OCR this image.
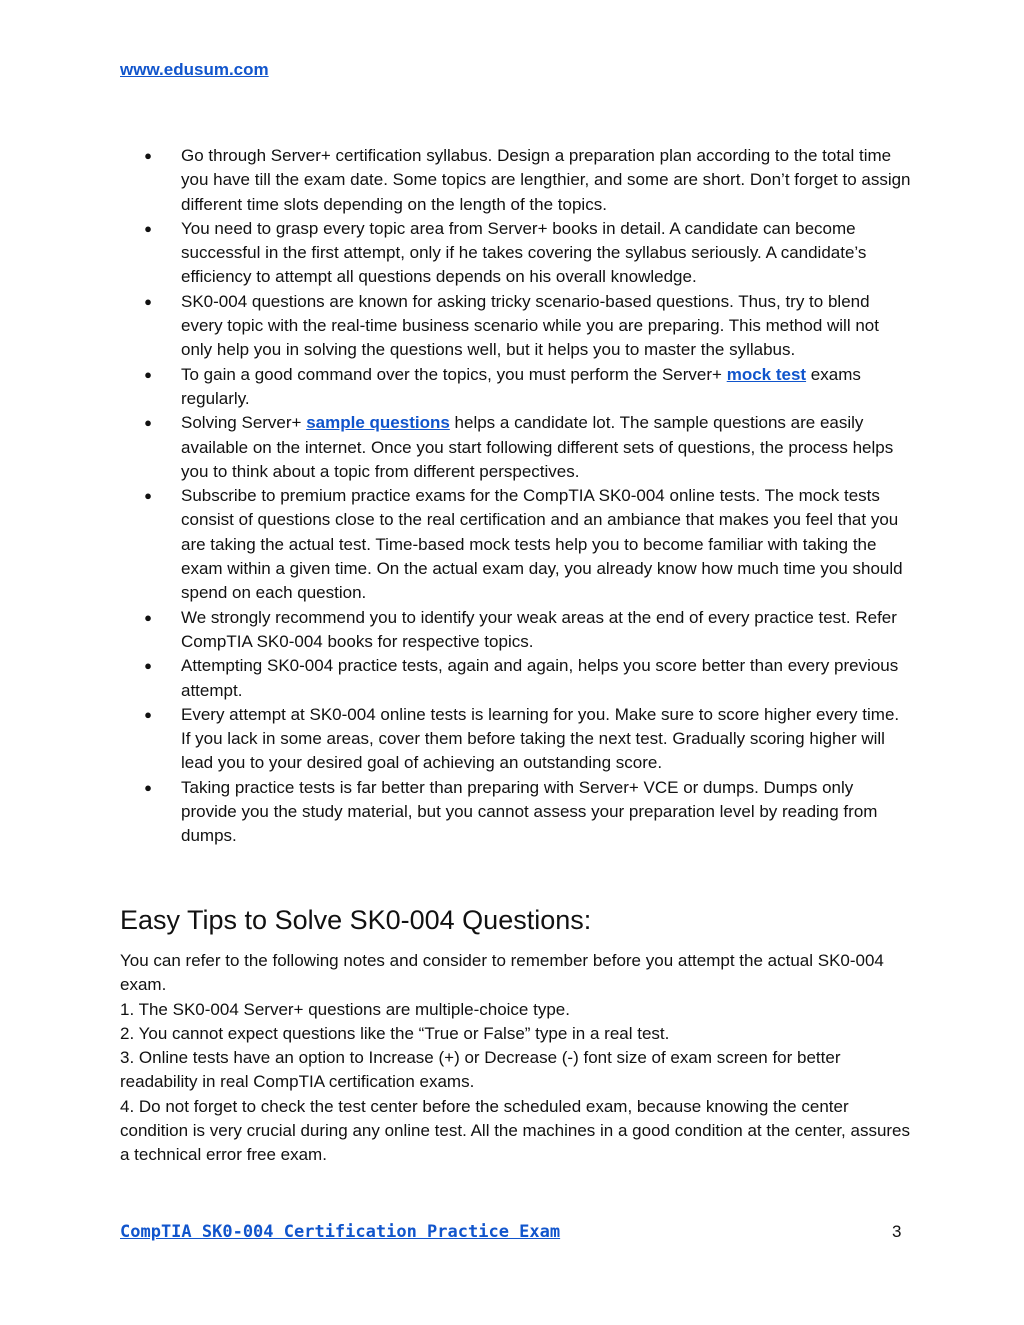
www.edusum.com
●	Go through Server+ certification syllabus. Design a preparation plan according to the total time you have till the exam date. Some topics are lengthier, and some are short. Don’t forget to assign different time slots depending on the length of the topics.
●	You need to grasp every topic area from Server+ books in detail. A candidate can become successful in the first attempt, only if he takes covering the syllabus seriously. A candidate’s efficiency to attempt all questions depends on his overall knowledge.
●	SK0-004 questions are known for asking tricky scenario-based questions. Thus, try to blend every topic with the real-time business scenario while you are preparing. This method will not only help you in solving the questions well, but it helps you to master the syllabus.
●	To gain a good command over the topics, you must perform the Server+ mock test exams regularly.
●	Solving Server+ sample questions helps a candidate lot. The sample questions are easily available on the internet. Once you start following different sets of questions, the process helps you to think about a topic from different perspectives.
●	Subscribe to premium practice exams for the CompTIA SK0-004 online tests. The mock tests consist of questions close to the real certification and an ambiance that makes you feel that you are taking the actual test. Time-based mock tests help you to become familiar with taking the exam within a given time. On the actual exam day, you already know how much time you should spend on each question.
●	We strongly recommend you to identify your weak areas at the end of every practice test. Refer CompTIA SK0-004 books for respective topics.
●	Attempting SK0-004 practice tests, again and again, helps you score better than every previous attempt.
●	Every attempt at SK0-004 online tests is learning for you. Make sure to score higher every time. If you lack in some areas, cover them before taking the next test. Gradually scoring higher will lead you to your desired goal of achieving an outstanding score.
●	Taking practice tests is far better than preparing with Server+ VCE or dumps. Dumps only provide you the study material, but you cannot assess your preparation level by reading from dumps.
Easy Tips to Solve SK0-004 Questions:

You can refer to the following notes and consider to remember before you attempt the actual SK0-004 exam.

1. The SK0-004 Server+ questions are multiple-choice type.

2. You cannot expect questions like the “True or False” type in a real test.

3. Online tests have an option to Increase (+) or Decrease (-) font size of exam screen for better readability in real CompTIA certification exams.

4. Do not forget to check the test center before the scheduled exam, because knowing the center condition is very crucial during any online test. All the machines in a good condition at the center, assures a technical error free exam.

CompTIA SK0-004 Certification Practice Exam	3
